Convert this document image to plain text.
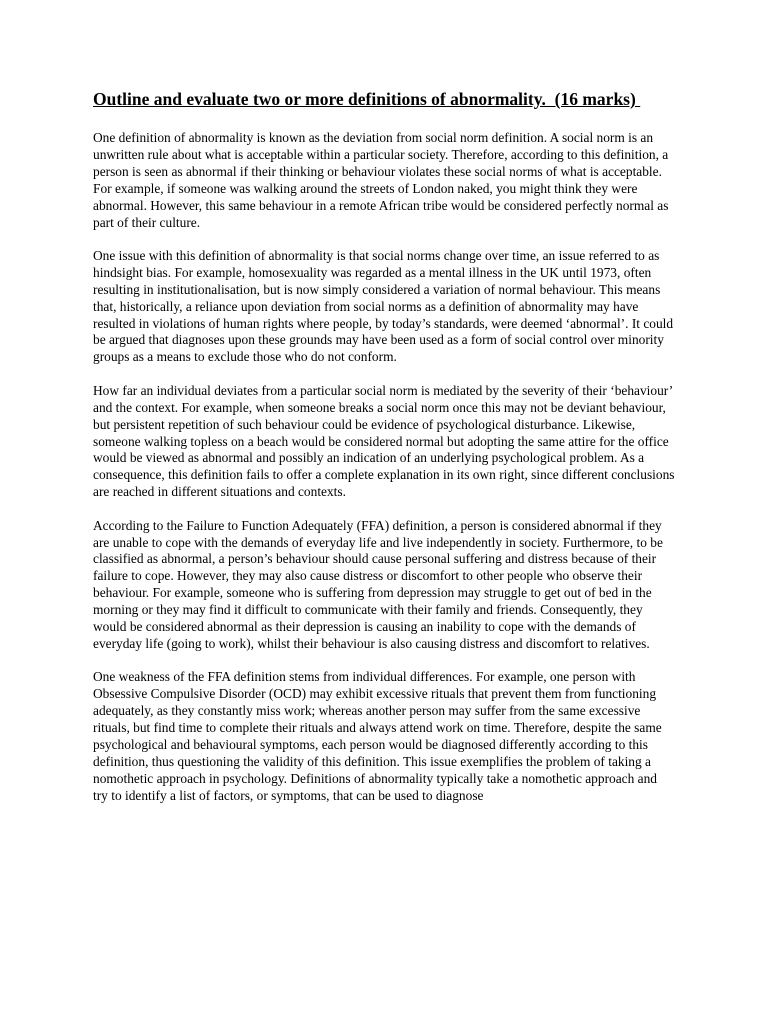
Outline and evaluate two or more definitions of abnormality.  (16 marks)

One definition of abnormality is known as the deviation from social norm definition. A social norm is an unwritten rule about what is acceptable within a particular society. Therefore, according to this definition, a person is seen as abnormal if their thinking or behaviour violates these social norms of what is acceptable. For example, if someone was walking around the streets of London naked, you might think they were abnormal. However, this same behaviour in a remote African tribe would be considered perfectly normal as part of their culture.

One issue with this definition of abnormality is that social norms change over time, an issue referred to as hindsight bias. For example, homosexuality was regarded as a mental illness in the UK until 1973, often resulting in institutionalisation, but is now simply considered a variation of normal behaviour. This means that, historically, a reliance upon deviation from social norms as a definition of abnormality may have resulted in violations of human rights where people, by today’s standards, were deemed ‘abnormal’. It could be argued that diagnoses upon these grounds may have been used as a form of social control over minority groups as a means to exclude those who do not conform.

How far an individual deviates from a particular social norm is mediated by the severity of their ‘behaviour’ and the context. For example, when someone breaks a social norm once this may not be deviant behaviour, but persistent repetition of such behaviour could be evidence of psychological disturbance. Likewise, someone walking topless on a beach would be considered normal but adopting the same attire for the office would be viewed as abnormal and possibly an indication of an underlying psychological problem. As a consequence, this definition fails to offer a complete explanation in its own right, since different conclusions are reached in different situations and contexts.

According to the Failure to Function Adequately (FFA) definition, a person is considered abnormal if they are unable to cope with the demands of everyday life and live independently in society. Furthermore, to be classified as abnormal, a person’s behaviour should cause personal suffering and distress because of their failure to cope. However, they may also cause distress or discomfort to other people who observe their behaviour. For example, someone who is suffering from depression may struggle to get out of bed in the morning or they may find it difficult to communicate with their family and friends. Consequently, they would be considered abnormal as their depression is causing an inability to cope with the demands of everyday life (going to work), whilst their behaviour is also causing distress and discomfort to relatives.

One weakness of the FFA definition stems from individual differences. For example, one person with Obsessive Compulsive Disorder (OCD) may exhibit excessive rituals that prevent them from functioning adequately, as they constantly miss work; whereas another person may suffer from the same excessive rituals, but find time to complete their rituals and always attend work on time. Therefore, despite the same psychological and behavioural symptoms, each person would be diagnosed differently according to this definition, thus questioning the validity of this definition. This issue exemplifies the problem of taking a nomothetic approach in psychology. Definitions of abnormality typically take a nomothetic approach and try to identify a list of factors, or symptoms, that can be used to diagnose
